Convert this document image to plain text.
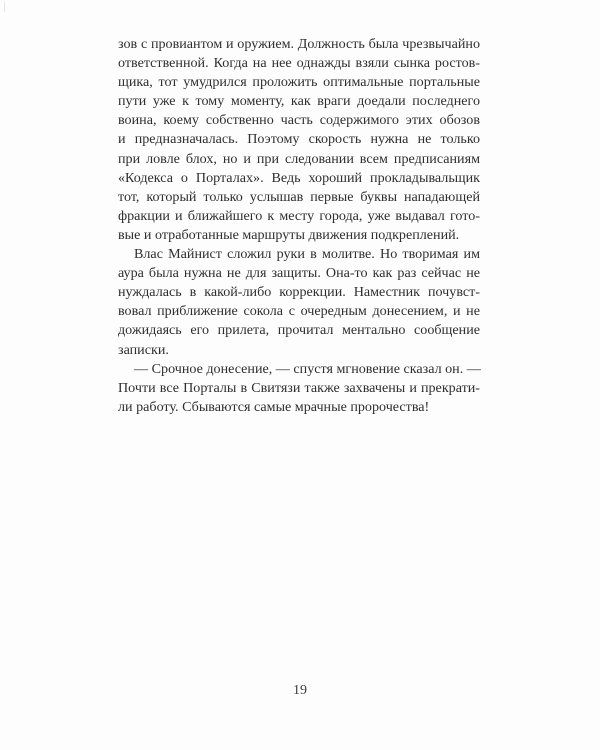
зов с провиантом и оружием. Должность была чрезвычайно
ответственной. Когда на нее однажды взяли сынка ростов-
щика, тот умудрился проложить оптимальные портальные
пути уже к тому моменту, как враги доедали последнего
воина, коему собственно часть содержимого этих обозов
и предназначалась. Поэтому скорость нужна не только
при ловле блох, но и при следовании всем предписаниям
«Кодекса о Порталах». Ведь хороший прокладывальщик
тот, который только услышав первые буквы нападающей
фракции и ближайшего к месту города, уже выдавал гото-
вые и отработанные маршруты движения подкреплений.
Влас Майнист сложил руки в молитве. Но творимая им
аура была нужна не для защиты. Она-то как раз сейчас не
нуждалась в какой-либо коррекции. Наместник почувст-
вовал приближение сокола с очередным донесением, и не
дожидаясь его прилета, прочитал ментально сообщение
записки.
— Срочное донесение, — спустя мгновение сказал он. —
Почти все Порталы в Свитязи также захвачены и прекрати-
ли работу. Сбываются самые мрачные пророчества!
19
